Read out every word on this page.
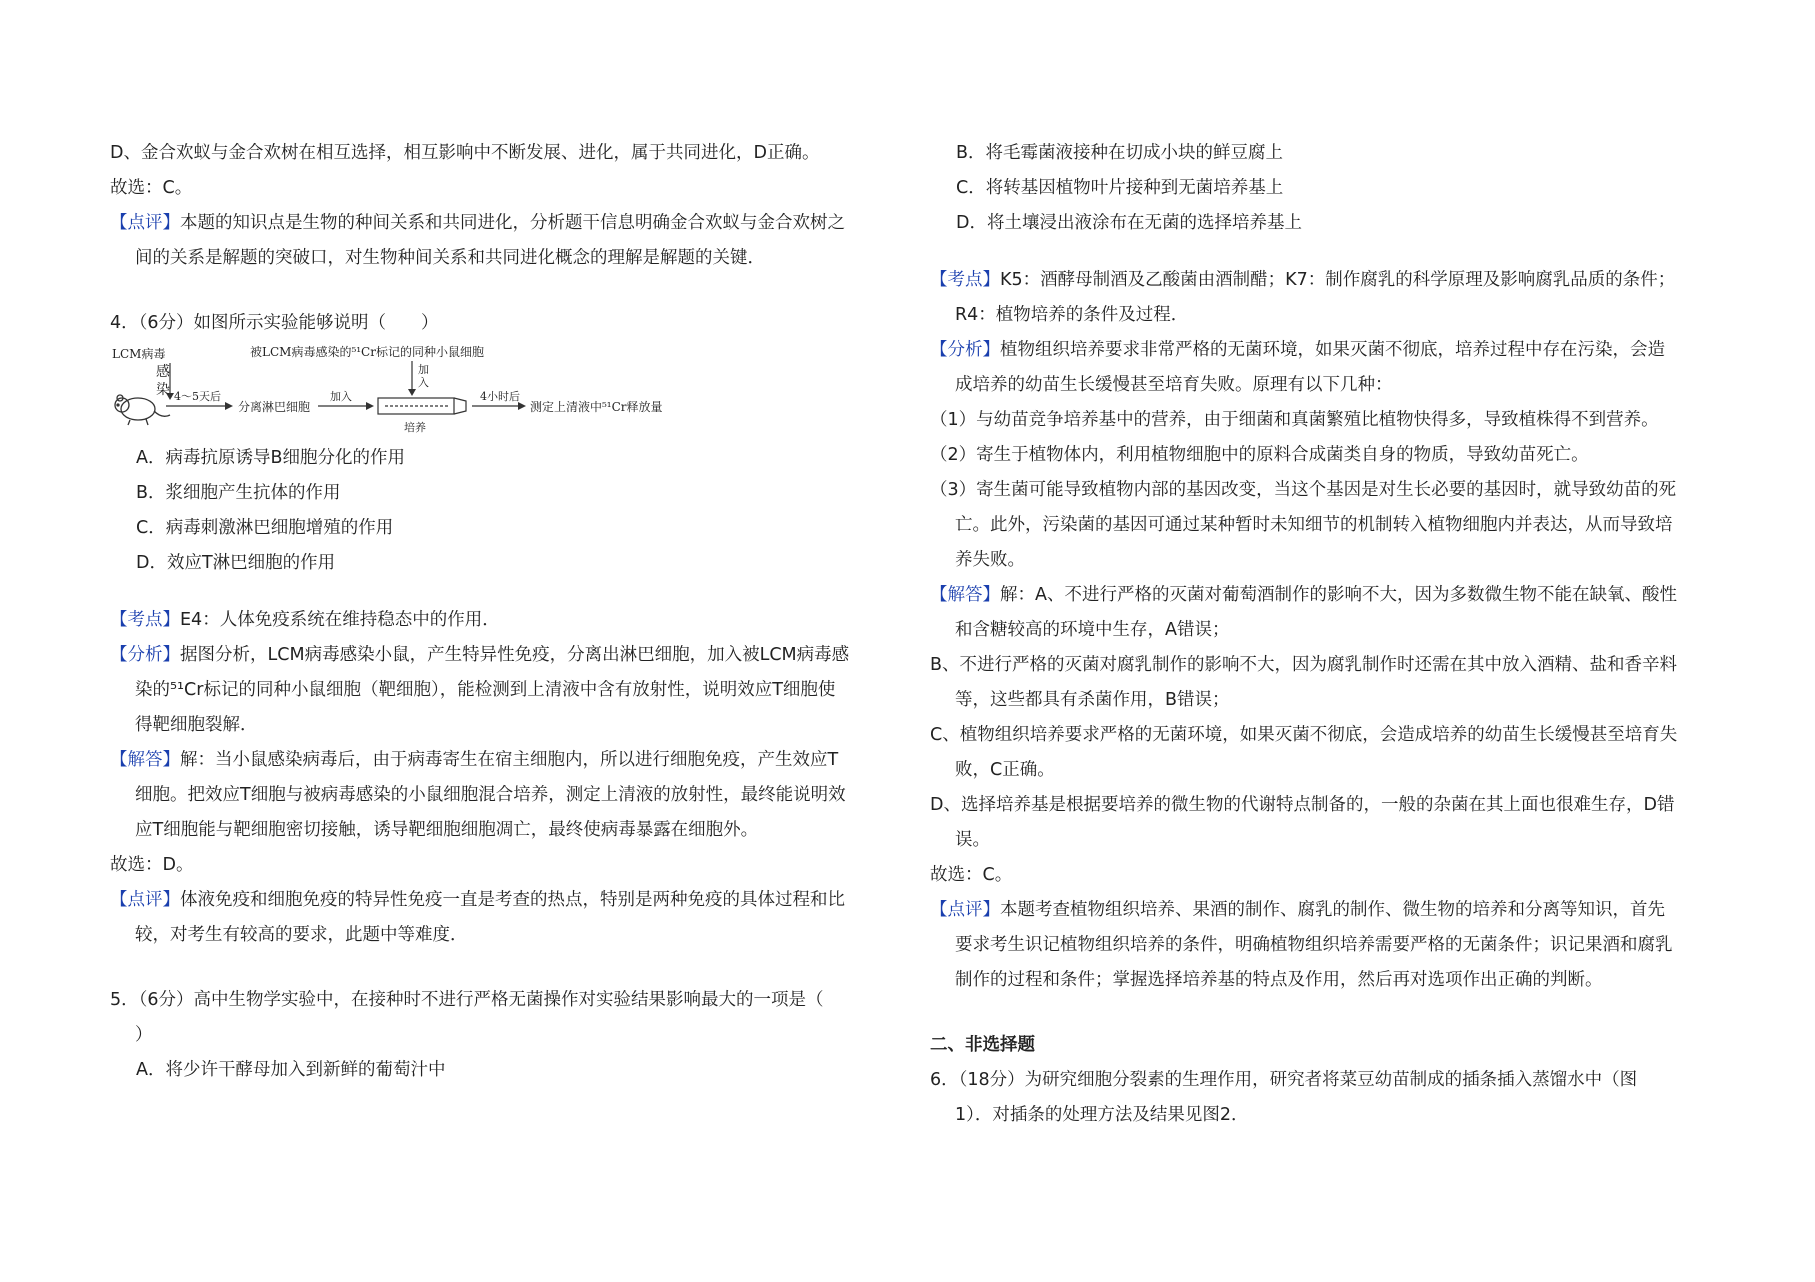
D、金合欢蚁与金合欢树在相互选择，相互影响中不断发展、进化，属于共同进化，D正确。
故选：C。
【点评】本题的知识点是生物的种间关系和共同进化，分析题干信息明确金合欢蚁与金合欢树之
间的关系是解题的突破口，对生物种间关系和共同进化概念的理解是解题的关键．
4．（6分）如图所示实验能够说明（　　）
LCM病毒
感
染
被LCM病毒感染的⁵¹Cr标记的同种小鼠细胞
加
入
4～5天后
分离淋巴细胞
加入
培养
4小时后
测定上清液中⁵¹Cr释放量
A．病毒抗原诱导B细胞分化的作用
B．浆细胞产生抗体的作用
C．病毒刺激淋巴细胞增殖的作用
D．效应T淋巴细胞的作用
【考点】E4：人体免疫系统在维持稳态中的作用．
【分析】据图分析，LCM病毒感染小鼠，产生特异性免疫，分离出淋巴细胞，加入被LCM病毒感
染的⁵¹Cr标记的同种小鼠细胞（靶细胞），能检测到上清液中含有放射性，说明效应T细胞使
得靶细胞裂解．
【解答】解：当小鼠感染病毒后，由于病毒寄生在宿主细胞内，所以进行细胞免疫，产生效应T
细胞。把效应T细胞与被病毒感染的小鼠细胞混合培养，测定上清液的放射性，最终能说明效
应T细胞能与靶细胞密切接触，诱导靶细胞细胞凋亡，最终使病毒暴露在细胞外。
故选：D。
【点评】体液免疫和细胞免疫的特异性免疫一直是考查的热点，特别是两种免疫的具体过程和比
较，对考生有较高的要求，此题中等难度．
5．（6分）高中生物学实验中，在接种时不进行严格无菌操作对实验结果影响最大的一项是（
）
A．将少许干酵母加入到新鲜的葡萄汁中
B．将毛霉菌液接种在切成小块的鲜豆腐上
C．将转基因植物叶片接种到无菌培养基上
D．将土壤浸出液涂布在无菌的选择培养基上
【考点】K5：酒酵母制酒及乙酸菌由酒制醋；K7：制作腐乳的科学原理及影响腐乳品质的条件；
R4：植物培养的条件及过程．
【分析】植物组织培养要求非常严格的无菌环境，如果灭菌不彻底，培养过程中存在污染，会造
成培养的幼苗生长缓慢甚至培育失败。原理有以下几种：
（1）与幼苗竞争培养基中的营养，由于细菌和真菌繁殖比植物快得多，导致植株得不到营养。
（2）寄生于植物体内，利用植物细胞中的原料合成菌类自身的物质，导致幼苗死亡。
（3）寄生菌可能导致植物内部的基因改变，当这个基因是对生长必要的基因时，就导致幼苗的死
亡。此外，污染菌的基因可通过某种暂时未知细节的机制转入植物细胞内并表达，从而导致培
养失败。
【解答】解：A、不进行严格的灭菌对葡萄酒制作的影响不大，因为多数微生物不能在缺氧、酸性
和含糖较高的环境中生存，A错误；
B、不进行严格的灭菌对腐乳制作的影响不大，因为腐乳制作时还需在其中放入酒精、盐和香辛料
等，这些都具有杀菌作用，B错误；
C、植物组织培养要求严格的无菌环境，如果灭菌不彻底，会造成培养的幼苗生长缓慢甚至培育失
败，C正确。
D、选择培养基是根据要培养的微生物的代谢特点制备的，一般的杂菌在其上面也很难生存，D错
误。
故选：C。
【点评】本题考查植物组织培养、果酒的制作、腐乳的制作、微生物的培养和分离等知识，首先
要求考生识记植物组织培养的条件，明确植物组织培养需要严格的无菌条件；识记果酒和腐乳
制作的过程和条件；掌握选择培养基的特点及作用，然后再对选项作出正确的判断。
二、非选择题
6．（18分）为研究细胞分裂素的生理作用，研究者将菜豆幼苗制成的插条插入蒸馏水中（图
1）．对插条的处理方法及结果见图2．
